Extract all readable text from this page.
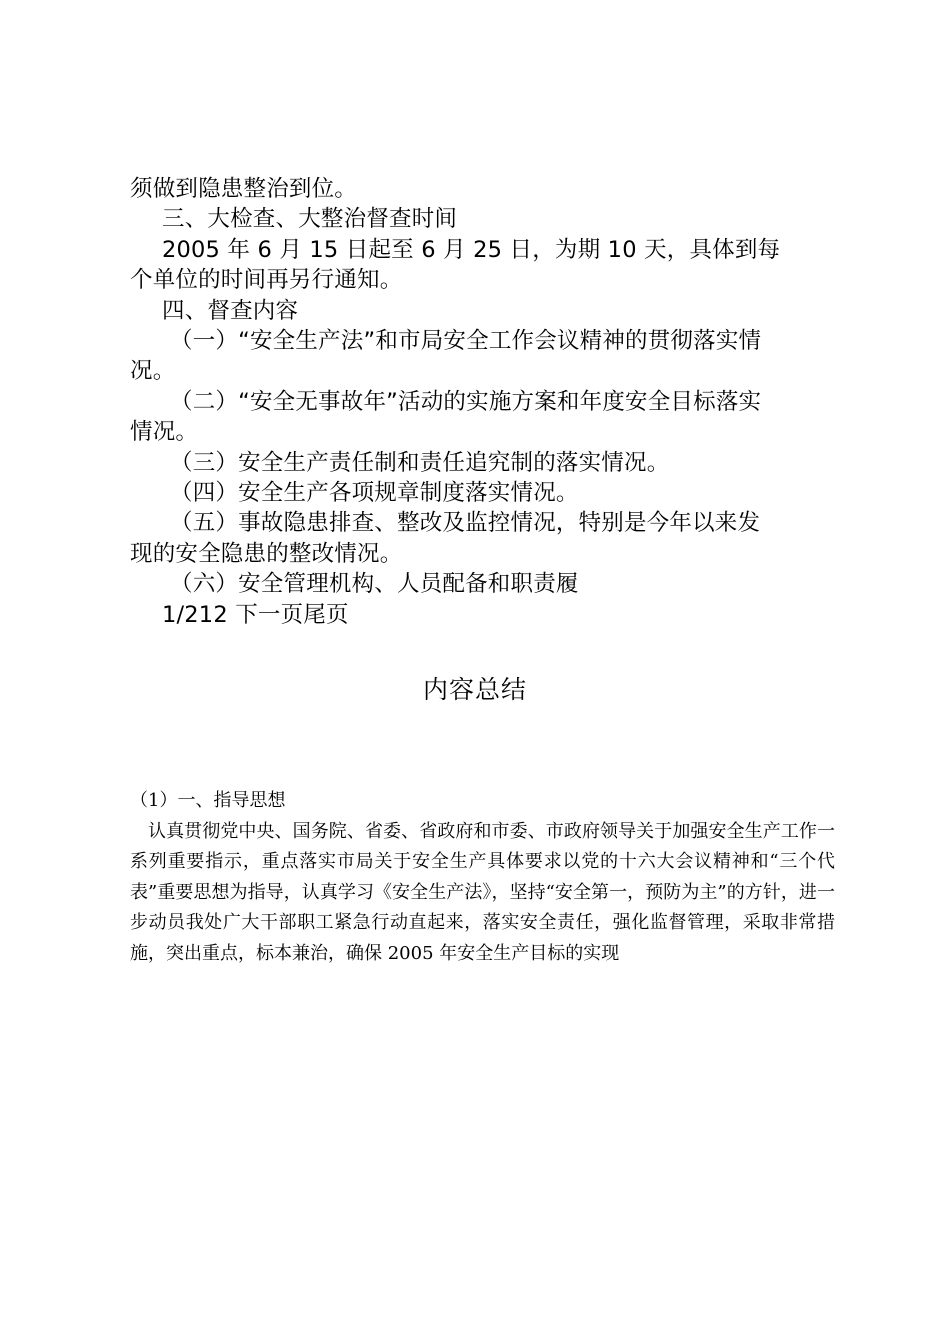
须做到隐患整治到位。

三、大检查、大整治督查时间

2005 年 6 月 15 日起至 6 月 25 日，为期 10 天，具体到每

个单位的时间再另行通知。

四、督查内容

（一）“安全生产法”和市局安全工作会议精神的贯彻落实情

况。

（二）“安全无事故年”活动的实施方案和年度安全目标落实

情况。

（三）安全生产责任制和责任追究制的落实情况。

（四）安全生产各项规章制度落实情况。

（五）事故隐患排查、整改及监控情况，特别是今年以来发

现的安全隐患的整改情况。

（六）安全管理机构、人员配备和职责履

1/212 下一页尾页

内容总结

（1）一、指导思想

认真贯彻党中央、国务院、省委、省政府和市委、市政府领导关于加强安全生产工作一系列重要指示，重点落实市局关于安全生产具体要求以党的十六大会议精神和“三个代表”重要思想为指导，认真学习《安全生产法》，坚持“安全第一，预防为主”的方针，进一步动员我处广大干部职工紧急行动直起来，落实安全责任，强化监督管理，采取非常措施，突出重点，标本兼治，确保 2005 年安全生产目标的实现
